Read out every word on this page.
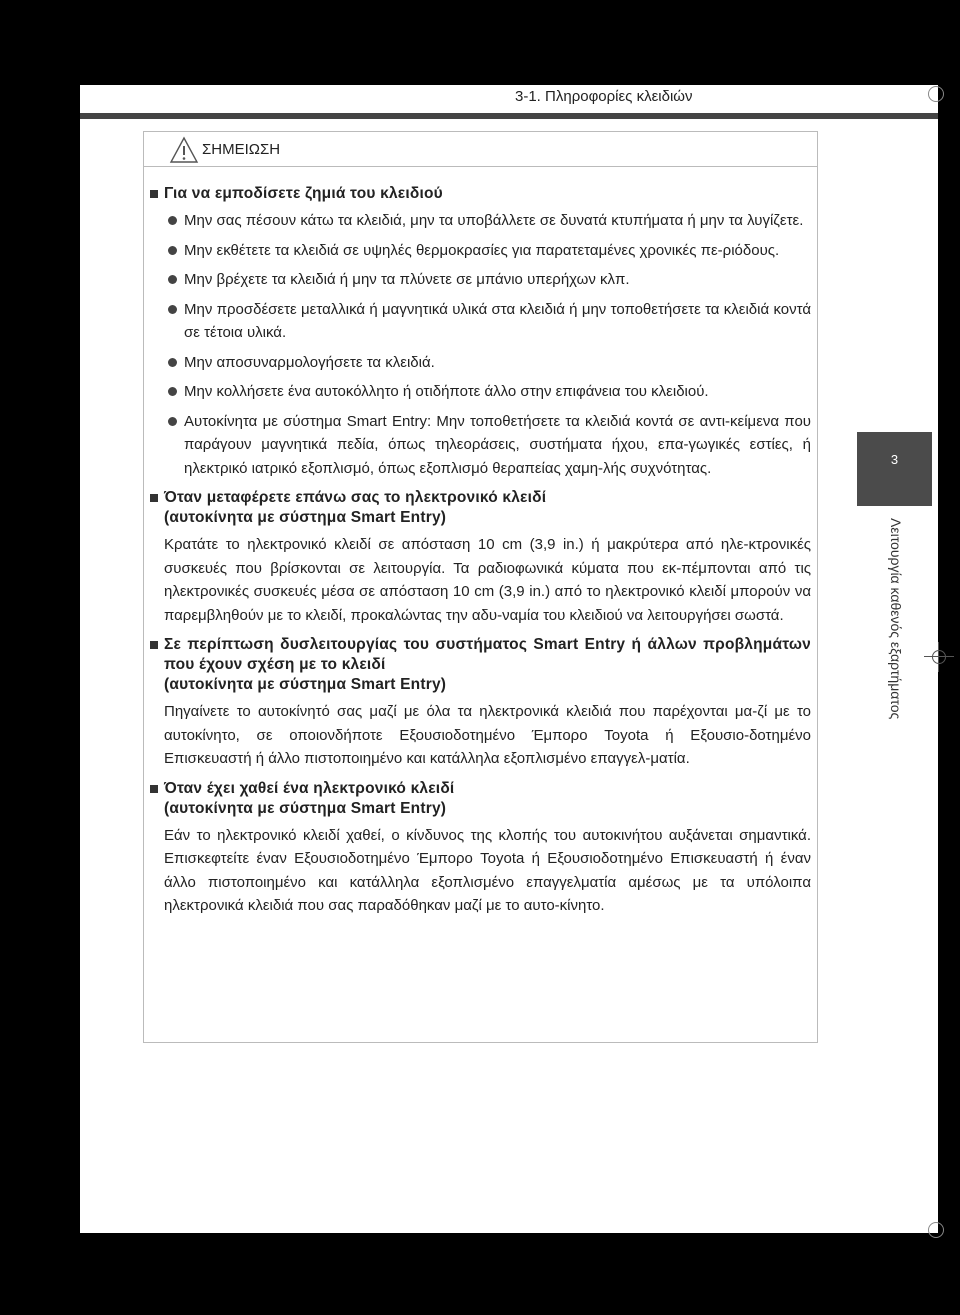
3-1. Πληροφορίες κλειδιών
3
Λειτουργία καθενός εξαρτήματος
ΣΗΜΕΙΩΣΗ
Για να εμποδίσετε ζημιά του κλειδιού
Μην σας πέσουν κάτω τα κλειδιά, μην τα υποβάλλετε σε δυνατά κτυπήματα ή μην τα λυγίζετε.
Μην εκθέτετε τα κλειδιά σε υψηλές θερμοκρασίες για παρατεταμένες χρονικές πε-ριόδους.
Μην βρέχετε τα κλειδιά ή μην τα πλύνετε σε μπάνιο υπερήχων κλπ.
Μην προσδέσετε μεταλλικά ή μαγνητικά υλικά στα κλειδιά ή μην τοποθετήσετε τα κλειδιά κοντά σε τέτοια υλικά.
Μην αποσυναρμολογήσετε τα κλειδιά.
Μην κολλήσετε ένα αυτοκόλλητο ή οτιδήποτε άλλο στην επιφάνεια του κλειδιού.
Αυτοκίνητα με σύστημα Smart Entry: Μην τοποθετήσετε τα κλειδιά κοντά σε αντι-κείμενα που παράγουν μαγνητικά πεδία, όπως τηλεοράσεις, συστήματα ήχου, επα-γωγικές εστίες, ή ηλεκτρικό ιατρικό εξοπλισμό, όπως εξοπλισμό θεραπείας χαμη-λής συχνότητας.
Όταν μεταφέρετε επάνω σας το ηλεκτρονικό κλειδί
(αυτοκίνητα με σύστημα Smart Entry)
Κρατάτε το ηλεκτρονικό κλειδί σε απόσταση 10 cm (3,9 in.) ή μακρύτερα από ηλε-κτρονικές συσκευές που βρίσκονται σε λειτουργία. Τα ραδιοφωνικά κύματα που εκ-πέμπονται από τις ηλεκτρονικές συσκευές μέσα σε απόσταση 10 cm (3,9 in.) από το ηλεκτρονικό κλειδί μπορούν να παρεμβληθούν με το κλειδί, προκαλώντας την αδυ-ναμία του κλειδιού να λειτουργήσει σωστά.
Σε περίπτωση δυσλειτουργίας του συστήματος Smart Entry ή άλλων προβλημάτων που έχουν σχέση με το κλειδί
(αυτοκίνητα με σύστημα Smart Entry)
Πηγαίνετε το αυτοκίνητό σας μαζί με όλα τα ηλεκτρονικά κλειδιά που παρέχονται μα-ζί με το αυτοκίνητο, σε οποιονδήποτε Εξουσιοδοτημένο Έμπορο Toyota ή Εξουσιο-δοτημένο Επισκευαστή ή άλλο πιστοποιημένο και κατάλληλα εξοπλισμένο επαγγελ-ματία.
Όταν έχει χαθεί ένα ηλεκτρονικό κλειδί
(αυτοκίνητα με σύστημα Smart Entry)
Εάν το ηλεκτρονικό κλειδί χαθεί, ο κίνδυνος της κλοπής του αυτοκινήτου αυξάνεται σημαντικά. Επισκεφτείτε έναν Εξουσιοδοτημένο Έμπορο Toyota ή Εξουσιοδοτημένο Επισκευαστή ή έναν άλλο πιστοποιημένο και κατάλληλα εξοπλισμένο επαγγελματία αμέσως με τα υπόλοιπα ηλεκτρονικά κλειδιά που σας παραδόθηκαν μαζί με το αυτο-κίνητο.
